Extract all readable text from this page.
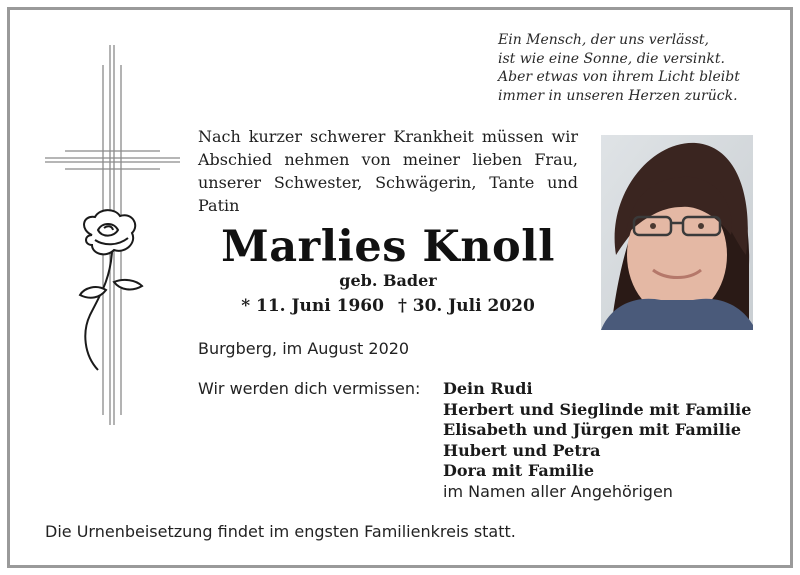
Ein Mensch, der uns verlässt,
ist wie eine Sonne, die versinkt.
Aber etwas von ihrem Licht bleibt
immer in unseren Herzen zurück.
Nach kurzer schwerer Krankheit müssen wir
Abschied nehmen von meiner lieben Frau,
unserer Schwester, Schwägerin, Tante und
Patin
Marlies Knoll
geb. Bader
* 11. Juni 1960 † 30. Juli 2020
Burgberg, im August 2020
Wir werden dich vermissen: Dein Rudi
Herbert und Sieglinde mit Familie
Elisabeth und Jürgen mit Familie
Hubert und Petra
Dora mit Familie
im Namen aller Angehörigen
Die Urnenbeisetzung findet im engsten Familienkreis statt.
